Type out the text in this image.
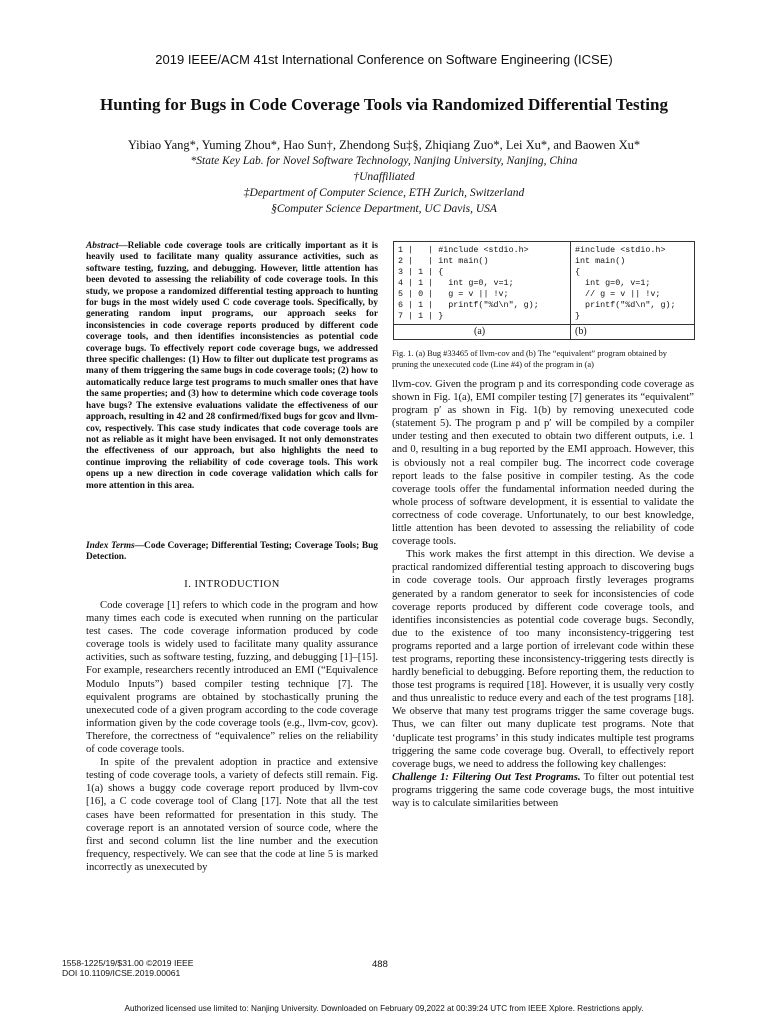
2019 IEEE/ACM 41st International Conference on Software Engineering (ICSE)
Hunting for Bugs in Code Coverage Tools via Randomized Differential Testing
Yibiao Yang*, Yuming Zhou*, Hao Sun†, Zhendong Su‡§, Zhiqiang Zuo*, Lei Xu*, and Baowen Xu*
*State Key Lab. for Novel Software Technology, Nanjing University, Nanjing, China
†Unaffiliated
‡Department of Computer Science, ETH Zurich, Switzerland
§Computer Science Department, UC Davis, USA
Abstract—Reliable code coverage tools are critically important as it is heavily used to facilitate many quality assurance activities, such as software testing, fuzzing, and debugging. However, little attention has been devoted to assessing the reliability of code coverage tools. In this study, we propose a randomized differential testing approach to hunting for bugs in the most widely used C code coverage tools. Specifically, by generating random input programs, our approach seeks for inconsistencies in code coverage reports produced by different code coverage tools, and then identifies inconsistencies as potential code coverage bugs. To effectively report code coverage bugs, we addressed three specific challenges: (1) How to filter out duplicate test programs as many of them triggering the same bugs in code coverage tools; (2) how to automatically reduce large test programs to much smaller ones that have the same properties; and (3) how to determine which code coverage tools have bugs? The extensive evaluations validate the effectiveness of our approach, resulting in 42 and 28 confirmed/fixed bugs for gcov and llvm-cov, respectively. This case study indicates that code coverage tools are not as reliable as it might have been envisaged. It not only demonstrates the effectiveness of our approach, but also highlights the need to continue improving the reliability of code coverage tools. This work opens up a new direction in code coverage validation which calls for more attention in this area.
Index Terms—Code Coverage; Differential Testing; Coverage Tools; Bug Detection.
I. INTRODUCTION

Code coverage [1] refers to which code in the program and how many times each code is executed when running on the particular test cases. The code coverage information produced by code coverage tools is widely used to facilitate many quality assurance activities, such as software testing, fuzzing, and debugging [1]–[15]. For example, researchers recently introduced an EMI (“Equivalence Modulo Inputs”) based compiler testing technique [7]. The equivalent programs are obtained by stochastically pruning the unexecuted code of a given program according to the code coverage information given by the code coverage tools (e.g., llvm-cov, gcov). Therefore, the correctness of “equivalence” relies on the reliability of code coverage tools.

In spite of the prevalent adoption in practice and extensive testing of code coverage tools, a variety of defects still remain. Fig. 1(a) shows a buggy code coverage report produced by llvm-cov [16], a C code coverage tool of Clang [17]. Note that all the test cases have been reformatted for presentation in this study. The coverage report is an annotated version of source code, where the first and second column list the line number and the execution frequency, respectively. We can see that the code at line 5 is marked incorrectly as unexecuted by

1 |   | #include <stdio.h>
2 |   | int main()
3 | 1 | {
4 | 1 |   int g=0, v=1;
5 | 0 |   g = v || !v;
6 | 1 |   printf("%d\n", g);
7 | 1 | }
(a)
#include <stdio.h>
int main()
{
int g=0, v=1;
// g = v || !v;
printf("%d\n", g);
}
(b)
Fig. 1. (a) Bug #33465 of llvm-cov and (b) The “equivalent” program obtained by pruning the unexecuted code (Line #4) of the program in (a)

llvm-cov. Given the program p and its corresponding code coverage as shown in Fig. 1(a), EMI compiler testing [7] generates its “equivalent” program p′ as shown in Fig. 1(b) by removing unexecuted code (statement 5). The program p and p′ will be compiled by a compiler under testing and then executed to obtain two different outputs, i.e. 1 and 0, resulting in a bug reported by the EMI approach. However, this is obviously not a real compiler bug. The incorrect code coverage report leads to the false positive in compiler testing. As the code coverage tools offer the fundamental information needed during the whole process of software development, it is essential to validate the correctness of code coverage. Unfortunately, to our best knowledge, little attention has been devoted to assessing the reliability of code coverage tools.

This work makes the first attempt in this direction. We devise a practical randomized differential testing approach to discovering bugs in code coverage tools. Our approach firstly leverages programs generated by a random generator to seek for inconsistencies of code coverage reports produced by different code coverage tools, and identifies inconsistencies as potential code coverage bugs. Secondly, due to the existence of too many inconsistency-triggering test programs reported and a large portion of irrelevant code within these test programs, reporting these inconsistency-triggering tests directly is hardly beneficial to debugging. Before reporting them, the reduction to those test programs is required [18]. However, it is usually very costly and thus unrealistic to reduce every and each of the test programs [18]. We observe that many test programs trigger the same coverage bugs. Thus, we can filter out many duplicate test programs. Note that ‘duplicate test programs’ in this study indicates multiple test programs triggering the same code coverage bug. Overall, to effectively report coverage bugs, we need to address the following key challenges:

Challenge 1: Filtering Out Test Programs. To filter out potential test programs triggering the same code coverage bugs, the most intuitive way is to calculate similarities between

1558-1225/19/$31.00 ©2019 IEEE
DOI 10.1109/ICSE.2019.00061
488
Authorized licensed use limited to: Nanjing University. Downloaded on February 09,2022 at 00:39:24 UTC from IEEE Xplore. Restrictions apply.
